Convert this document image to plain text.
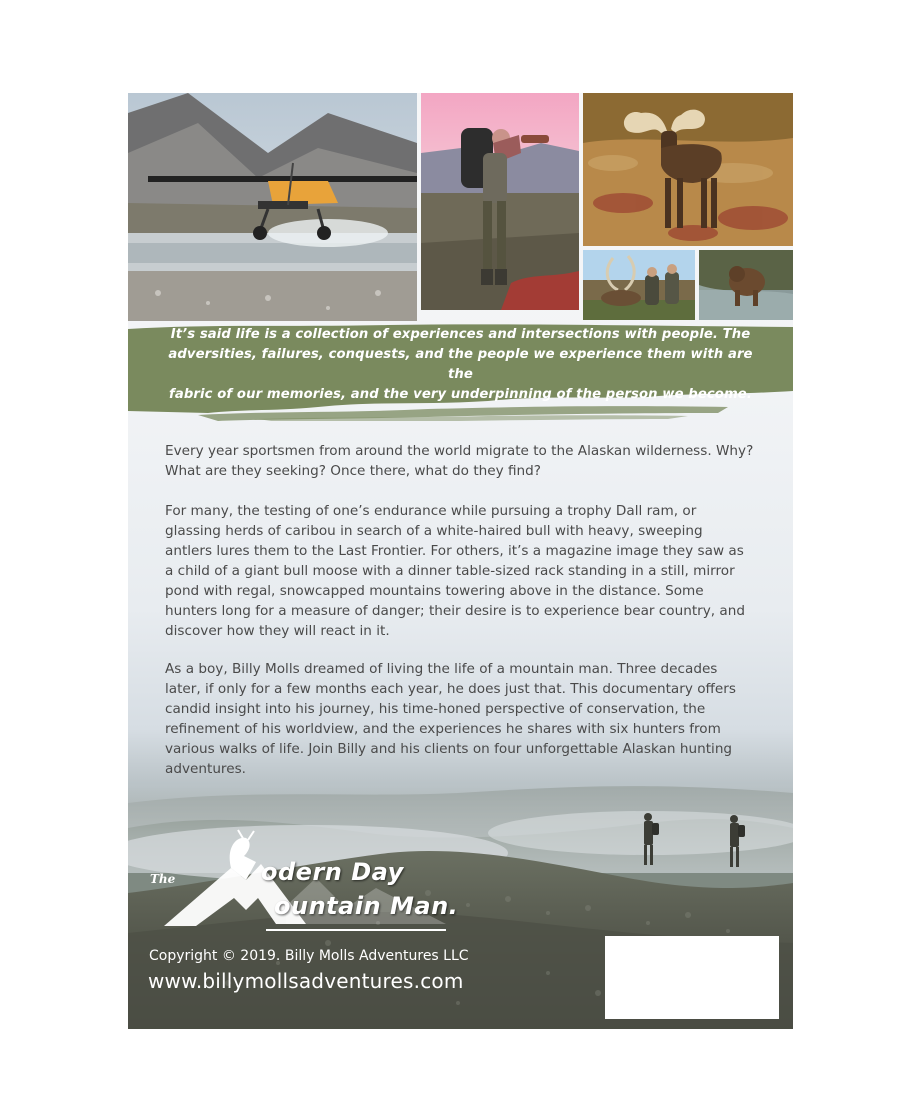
It’s said life is a collection of experiences and intersections with people. The
adversities, failures, conquests, and the people we experience them with are the
fabric of our memories, and the very underpinning of the person we become.
Every year sportsmen from around the world migrate to the Alaskan wilderness. Why?
What are they seeking? Once there, what do they find?
For many, the testing of one’s endurance while pursuing a trophy Dall ram, or
glassing herds of caribou in search of a white-haired bull with heavy, sweeping
antlers lures them to the Last Frontier. For others, it’s a magazine image they saw as
a child of a giant bull moose with a dinner table-sized rack standing in a still, mirror
pond with regal, snowcapped mountains towering above in the distance. Some
hunters long for a measure of danger; their desire is to experience bear country, and
discover how they will react in it.
As a boy, Billy Molls dreamed of living the life of a mountain man. Three decades
later, if only for a few months each year, he does just that. This documentary offers
candid insight into his journey, his time-honed perspective of conservation, the
refinement of his worldview, and the experiences he shares with six hunters from
various walks of life. Join Billy and his clients on four unforgettable Alaskan hunting
adventures.
The	odern Day
ountain Man.
Copyright © 2019. Billy Molls Adventures LLC
www.billymollsadventures.com
